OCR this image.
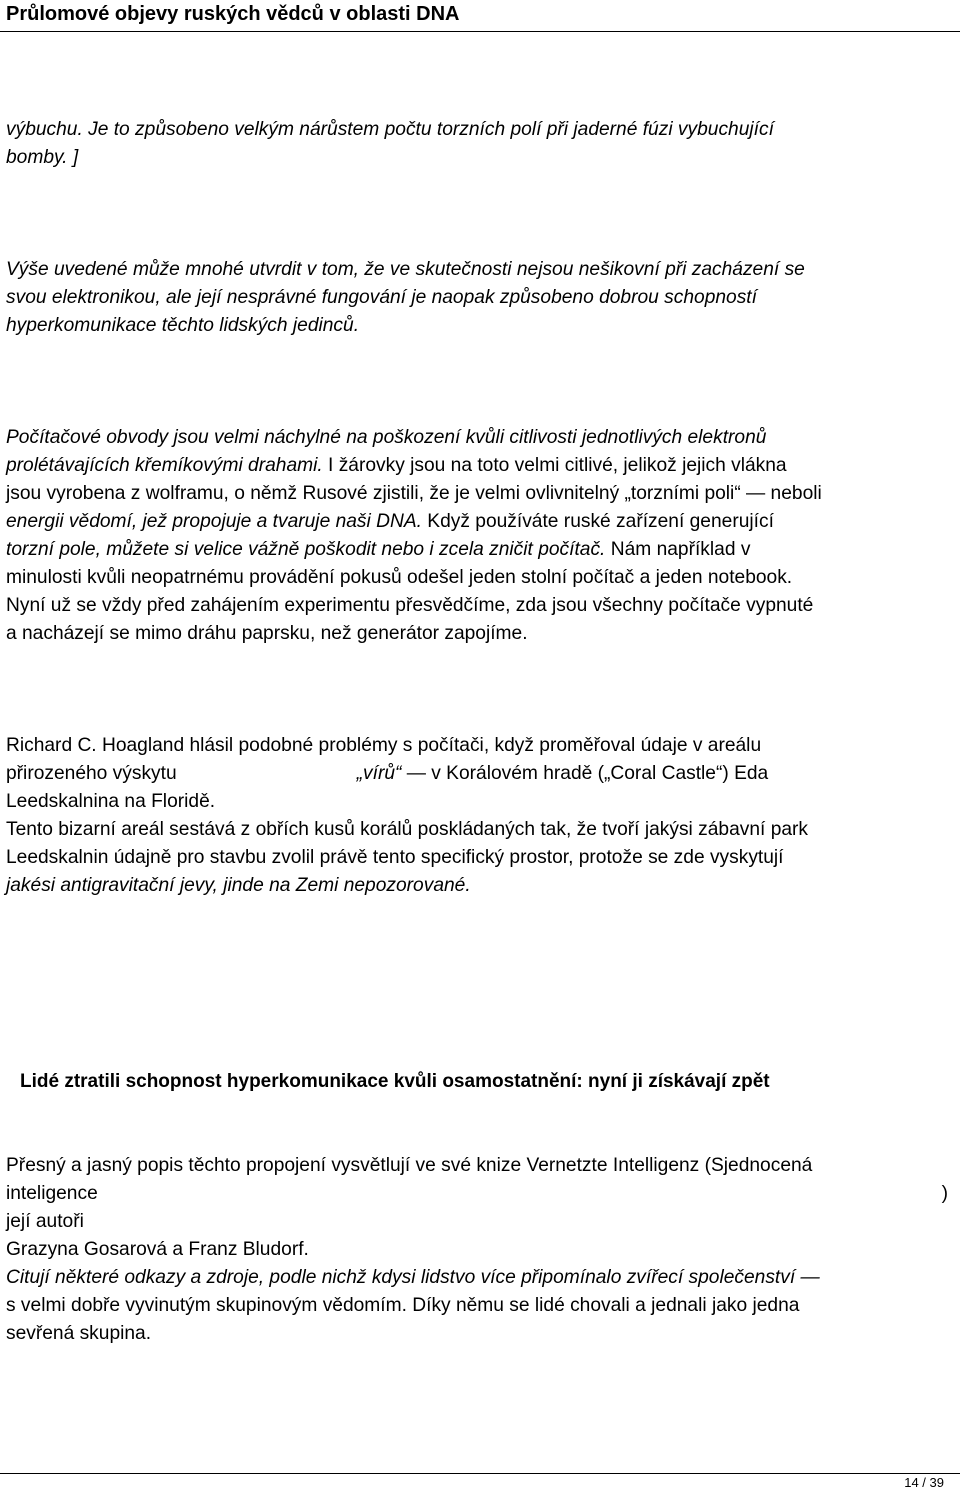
Průlomové objevy ruských vědců v oblasti DNA
výbuchu. Je to způsobeno velkým nárůstem počtu torzních polí při jaderné fúzi vybuchující
bomby. ]
Výše uvedené může mnohé utvrdit v tom, že ve skutečnosti nejsou nešikovní při zacházení se
svou elektronikou, ale její nesprávné fungování je naopak způsobeno dobrou schopností
hyperkomunikace těchto lidských jedinců.
Počítačové obvody jsou velmi náchylné na poškození kvůli citlivosti jednotlivých elektronů
prolétávajících křemíkovými drahami. I žárovky jsou na toto velmi citlivé, jelikož jejich vlákna
jsou vyrobena z wolframu, o němž Rusové zjistili, že je velmi ovlivnitelný „torzními poli“ — neboli
energii vědomí, jež propojuje a tvaruje naši DNA. Když používáte ruské zařízení generující
torzní pole, můžete si velice vážně poškodit nebo i zcela zničit počítač. Nám například v
minulosti kvůli neopatrnému provádění pokusů odešel jeden stolní počítač a jeden notebook.
Nyní už se vždy před zahájením experimentu přesvědčíme, zda jsou všechny počítače vypnuté
a nacházejí se mimo dráhu paprsku, než generátor zapojíme.
Richard C. Hoagland hlásil podobné problémy s počítači, když proměřoval údaje v areálu
přirozeného výskytu	„vírů“ — v Korálovém hradě („Coral Castle“) Eda
Leedskalnina na Floridě.
Tento bizarní areál sestává z obřích kusů korálů poskládaných tak, že tvoří jakýsi zábavní park
Leedskalnin údajně pro stavbu zvolil právě tento specifický prostor, protože se zde vyskytují
jakési antigravitační jevy, jinde na Zemi nepozorované.
Lidé ztratili schopnost hyperkomunikace kvůli osamostatnění: nyní ji získávají zpět
Přesný a jasný popis těchto propojení vysvětlují ve své knize Vernetzte Intelligenz (Sjednocená
inteligence	)
její autoři
Grazyna Gosarová a Franz Bludorf.
Citují některé odkazy a zdroje, podle nichž kdysi lidstvo více připomínalo zvířecí společenství —
s velmi dobře vyvinutým skupinovým vědomím. Díky němu se lidé chovali a jednali jako jedna
sevřená skupina.
14 / 39
